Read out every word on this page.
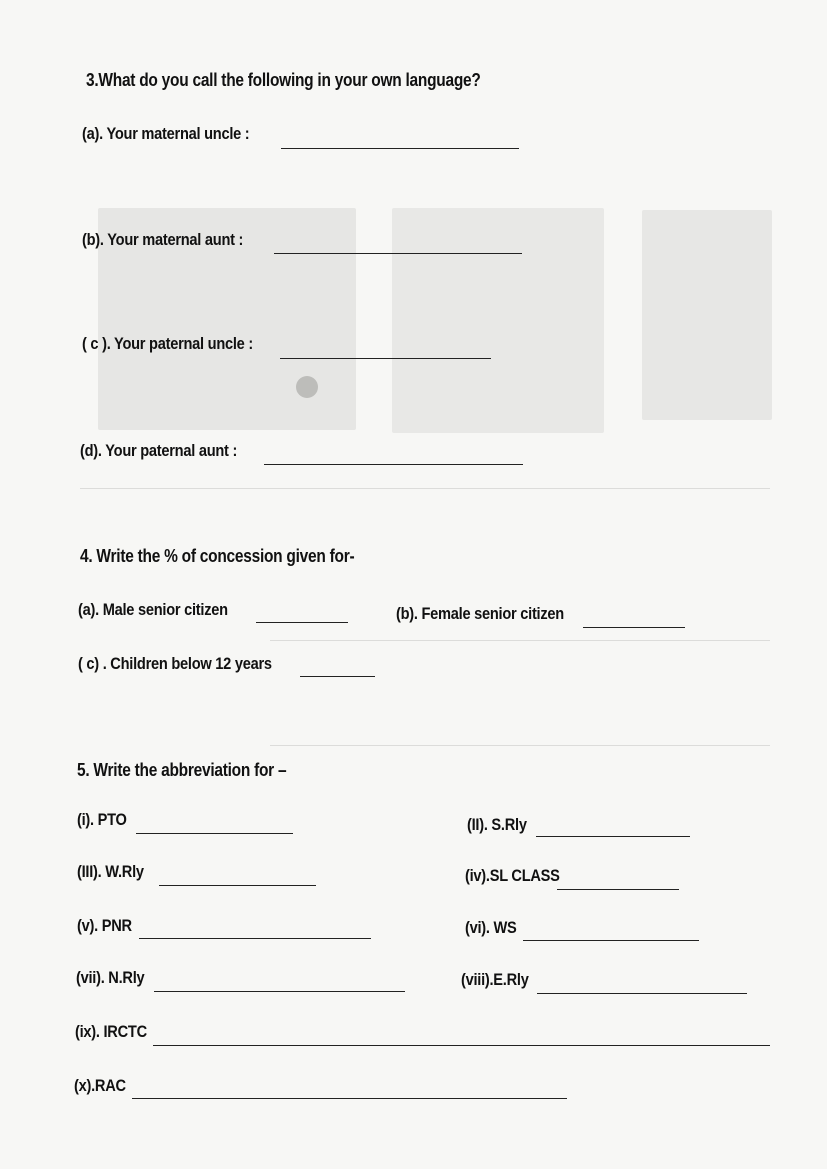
3.What do you call the following in your own language?
(a). Your maternal uncle :
(b). Your maternal aunt :
( c ). Your paternal uncle :
(d). Your paternal aunt :
4. Write the % of concession given for-
(a). Male senior citizen	(b). Female senior citizen
( c) . Children below 12 years
5. Write the abbreviation for –
(i). PTO	(II). S.Rly
(III). W.Rly	(iv).SL CLASS
(v). PNR	(vi). WS
(vii). N.Rly	(viii).E.Rly
(ix). IRCTC
(x).RAC
